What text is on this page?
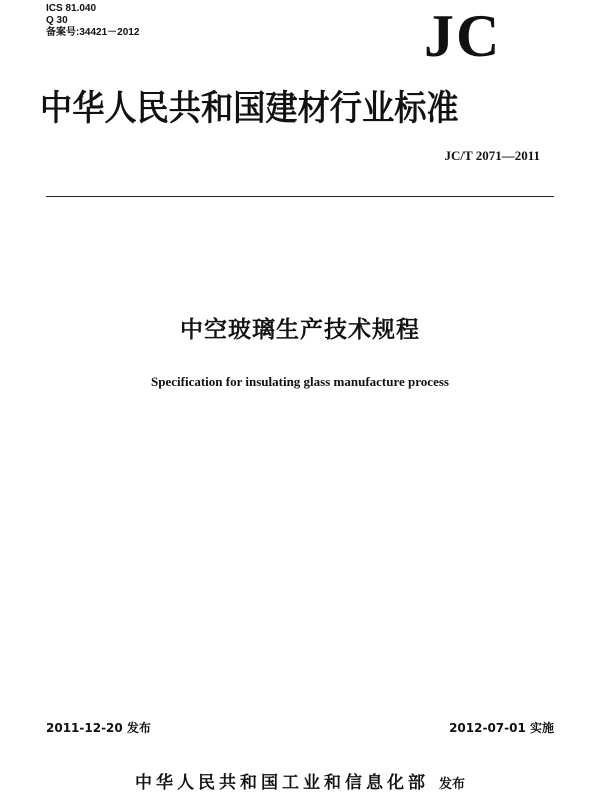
ICS 81.040
Q 30
备案号:34421－2012	JC
中华人民共和国建材行业标准
JC/T 2071—2011
中空玻璃生产技术规程
Specification for insulating glass manufacture process
2011-12-20 发布	2012-07-01 实施
中华人民共和国工业和信息化部 发布
